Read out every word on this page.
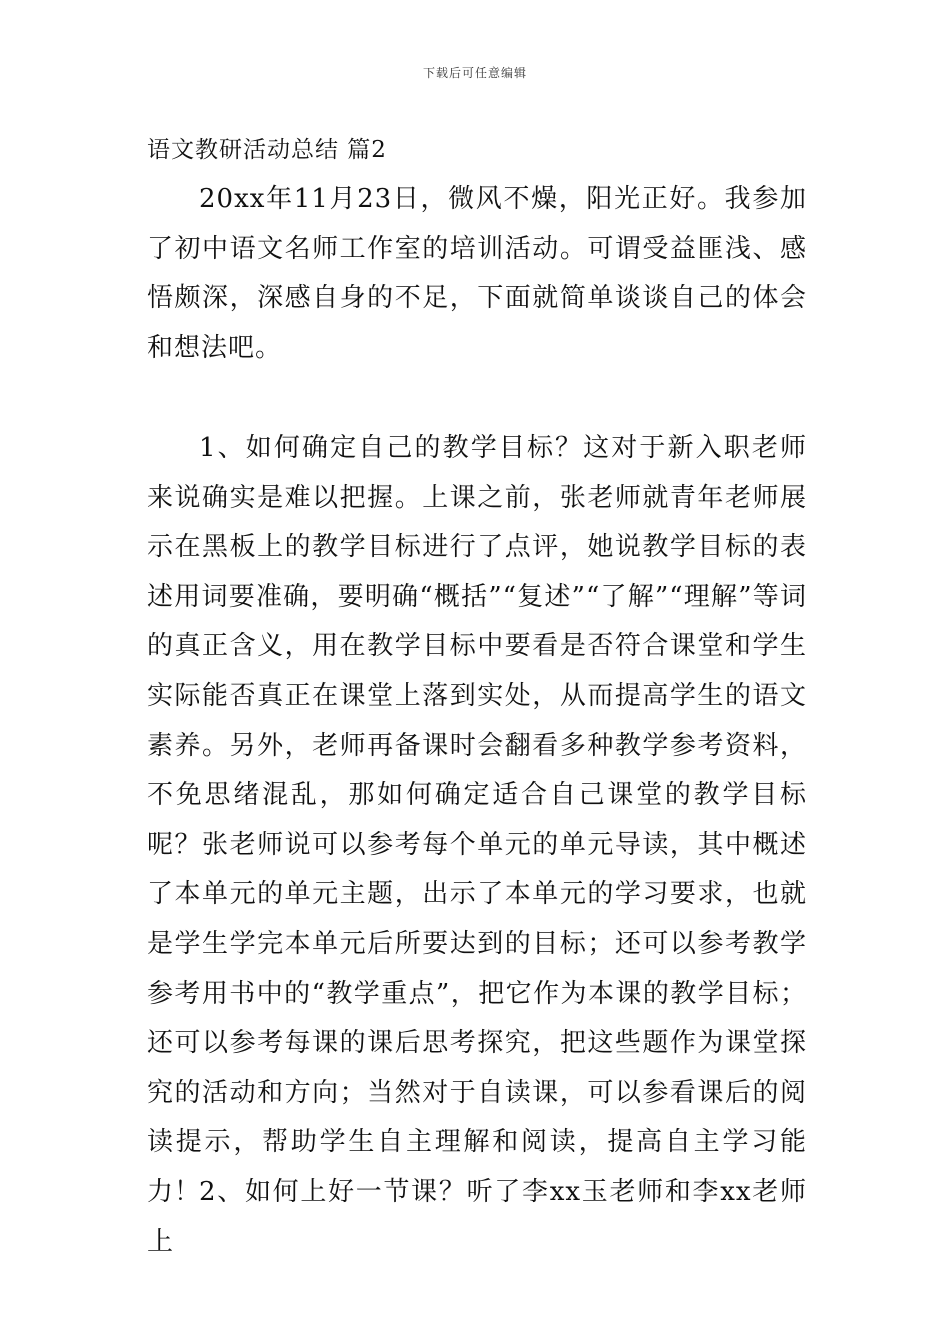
下载后可任意编辑
语文教研活动总结 篇2

20xx年11月23日，微风不燥，阳光正好。我参加了初中语文名师工作室的培训活动。可谓受益匪浅、感悟颇深，深感自身的不足，下面就简单谈谈自己的体会和想法吧。

1、如何确定自己的教学目标？这对于新入职老师来说确实是难以把握。上课之前，张老师就青年老师展示在黑板上的教学目标进行了点评，她说教学目标的表述用词要准确，要明确“概括”“复述”“了解”“理解”等词的真正含义，用在教学目标中要看是否符合课堂和学生实际能否真正在课堂上落到实处，从而提高学生的语文素养。另外，老师再备课时会翻看多种教学参考资料，不免思绪混乱，那如何确定适合自己课堂的教学目标呢？张老师说可以参考每个单元的单元导读，其中概述了本单元的单元主题，出示了本单元的学习要求，也就是学生学完本单元后所要达到的目标；还可以参考教学参考用书中的“教学重点”，把它作为本课的教学目标；还可以参考每课的课后思考探究，把这些题作为课堂探究的活动和方向；当然对于自读课，可以参看课后的阅读提示，帮助学生自主理解和阅读，提高自主学习能力！

2、如何上好一节课？听了李xx玉老师和李xx老师上
